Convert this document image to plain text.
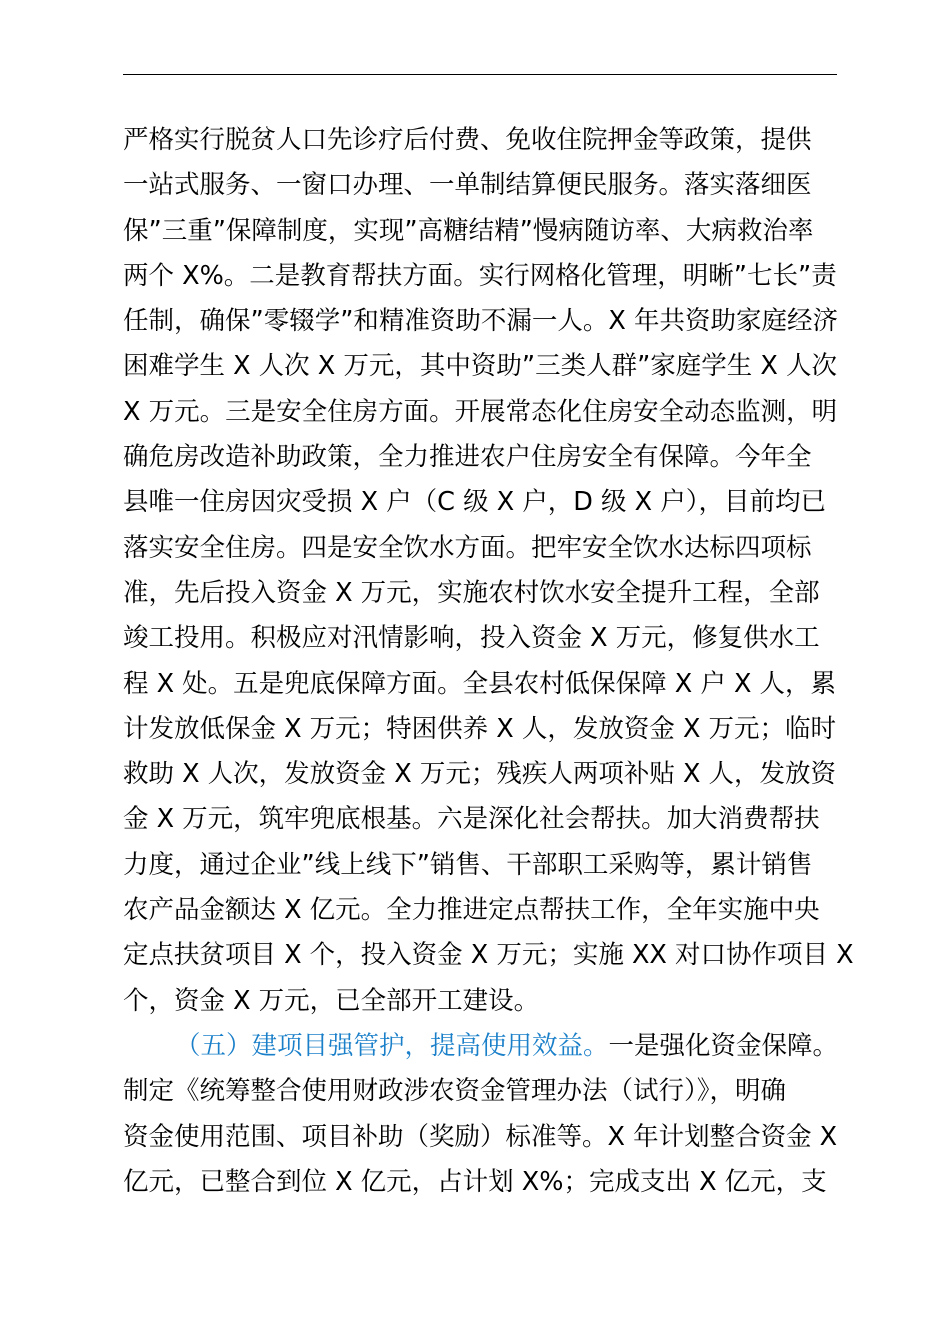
严格实行脱贫人口先诊疗后付费、免收住院押金等政策，提供
一站式服务、一窗口办理、一单制结算便民服务。落实落细医
保”三重”保障制度，实现”高糖结精”慢病随访率、大病救治率
两个 X%。二是教育帮扶方面。实行网格化管理，明晰”七长”责
任制，确保”零辍学”和精准资助不漏一人。X 年共资助家庭经济
困难学生 X 人次 X 万元，其中资助”三类人群”家庭学生 X 人次
X 万元。三是安全住房方面。开展常态化住房安全动态监测，明
确危房改造补助政策，全力推进农户住房安全有保障。今年全
县唯一住房因灾受损 X 户（C 级 X 户，D 级 X 户），目前均已
落实安全住房。四是安全饮水方面。把牢安全饮水达标四项标
准，先后投入资金 X 万元，实施农村饮水安全提升工程，全部
竣工投用。积极应对汛情影响，投入资金 X 万元，修复供水工
程 X 处。五是兜底保障方面。全县农村低保保障 X 户 X 人，累
计发放低保金 X 万元；特困供养 X 人，发放资金 X 万元；临时
救助 X 人次，发放资金 X 万元；残疾人两项补贴 X 人，发放资
金 X 万元，筑牢兜底根基。六是深化社会帮扶。加大消费帮扶
力度，通过企业”线上线下”销售、干部职工采购等，累计销售
农产品金额达 X 亿元。全力推进定点帮扶工作，全年实施中央
定点扶贫项目 X 个，投入资金 X 万元；实施 XX 对口协作项目 X
个，资金 X 万元，已全部开工建设。
（五）建项目强管护，提高使用效益。一是强化资金保障。
制定《统筹整合使用财政涉农资金管理办法（试行）》，明确
资金使用范围、项目补助（奖励）标准等。X 年计划整合资金 X
亿元，已整合到位 X 亿元，占计划 X%；完成支出 X 亿元，支
